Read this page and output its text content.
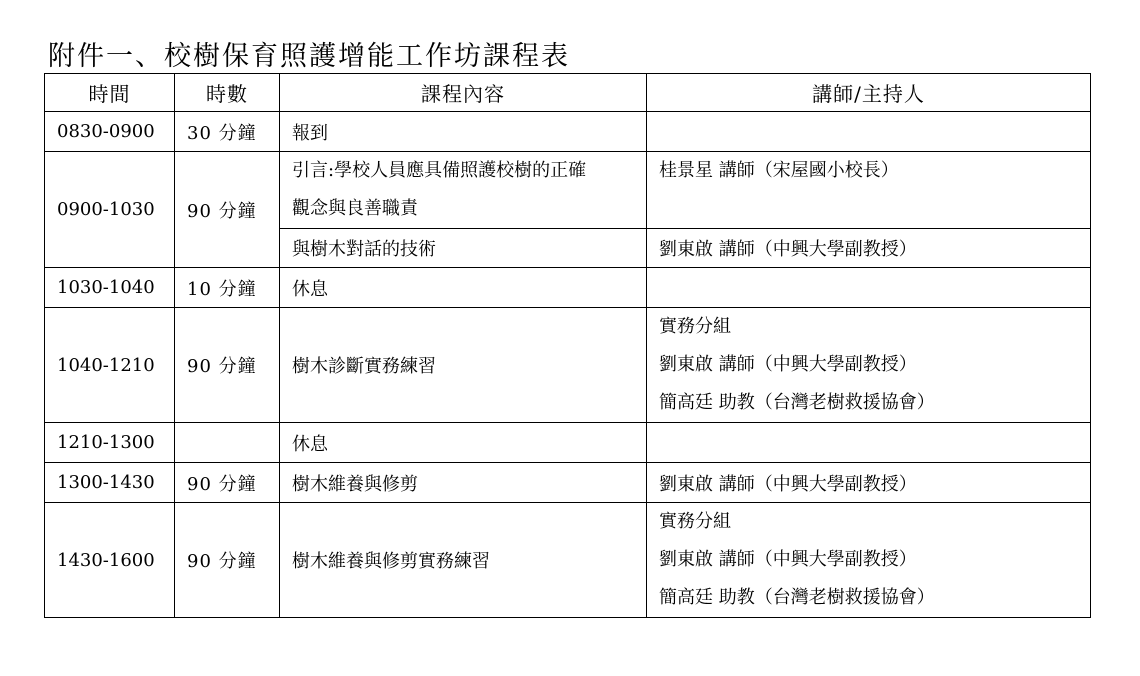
附件一、校樹保育照護增能工作坊課程表
時間	時數	課程內容	講師/主持人
0830-0900	30 分鐘	報到	
0900-1030	90 分鐘	引言:學校人員應具備照護校樹的正確
觀念與良善職責	桂景星 講師（宋屋國小校長）

		與樹木對話的技術	劉東啟 講師（中興大學副教授）
1030-1040	10 分鐘	休息	
1040-1210	90 分鐘	樹木診斷實務練習	實務分組
劉東啟 講師（中興大學副教授）
簡高廷 助教（台灣老樹救援協會）

1210-1300		休息	
1300-1430	90 分鐘	樹木維養與修剪	劉東啟 講師（中興大學副教授）
1430-1600	90 分鐘	樹木維養與修剪實務練習	實務分組
劉東啟 講師（中興大學副教授）
簡高廷 助教（台灣老樹救援協會）
